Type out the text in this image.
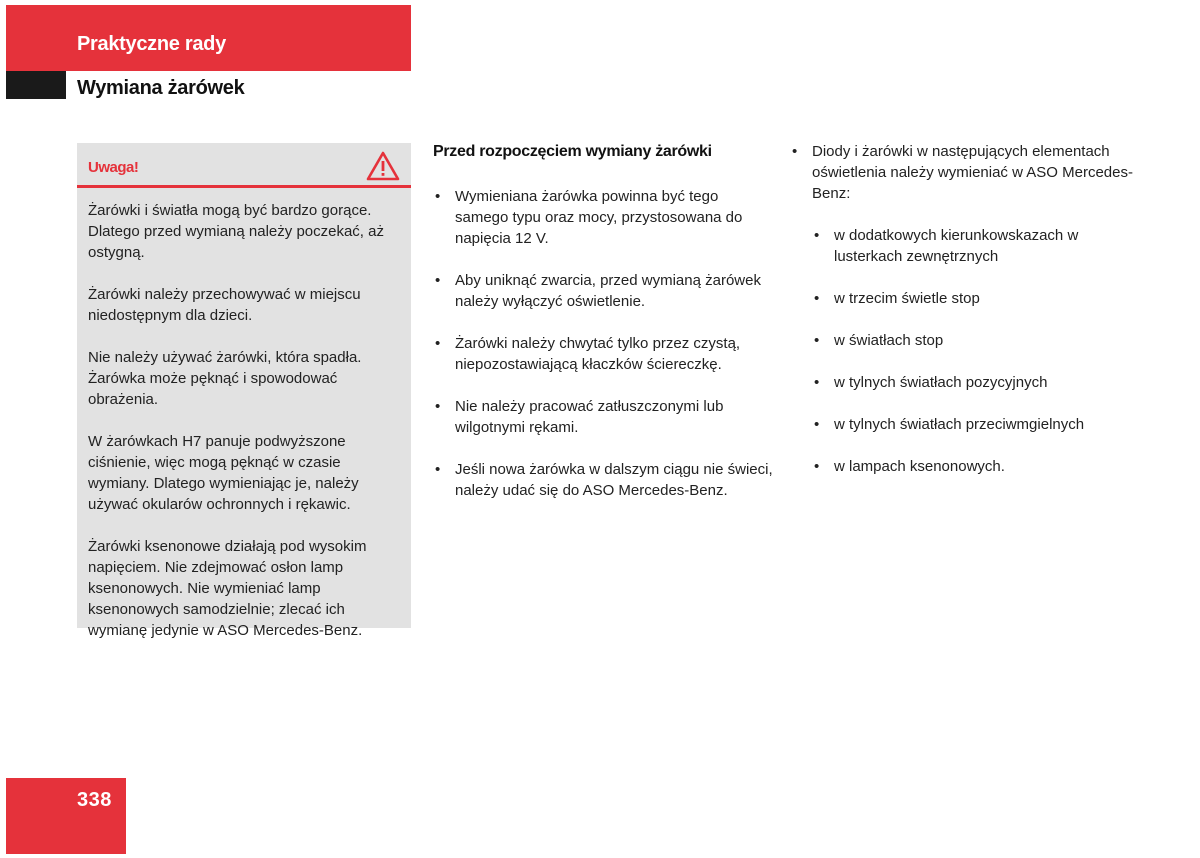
Praktyczne rady
Wymiana żarówek
Uwaga!

Żarówki i światła mogą być bardzo gorące. Dlatego przed wymianą należy poczekać, aż ostygną.

Żarówki należy przechowywać w miejscu niedostępnym dla dzieci.

Nie należy używać żarówki, która spadła. Żarówka może pęknąć i spowodować obrażenia.

W żarówkach H7 panuje podwyższone ciśnienie, więc mogą pęknąć w czasie wymiany. Dlatego wymieniając je, należy używać okularów ochronnych i rękawic.

Żarówki ksenonowe działają pod wysokim napięciem. Nie zdejmować osłon lamp ksenonowych. Nie wymieniać lamp ksenonowych samodzielnie; zlecać ich wymianę jedynie w ASO Mercedes-Benz.

Przed rozpoczęciem wymiany żarówki
• Wymieniana żarówka powinna być tego samego typu oraz mocy, przystosowana do napięcia 12 V.
• Aby uniknąć zwarcia, przed wymianą żarówek należy wyłączyć oświetlenie.
• Żarówki należy chwytać tylko przez czystą, niepozostawiającą kłaczków ściereczkę.
• Nie należy pracować zatłuszczonymi lub wilgotnymi rękami.
• Jeśli nowa żarówka w dalszym ciągu nie świeci, należy udać się do ASO Mercedes-Benz.
• Diody i żarówki w następujących elementach oświetlenia należy wymieniać w ASO Mercedes-Benz:
• w dodatkowych kierunkowskazach w lusterkach zewnętrznych
• w trzecim świetle stop
• w światłach stop
• w tylnych światłach pozycyjnych
• w tylnych światłach przeciwmgielnych
• w lampach ksenonowych.
338
